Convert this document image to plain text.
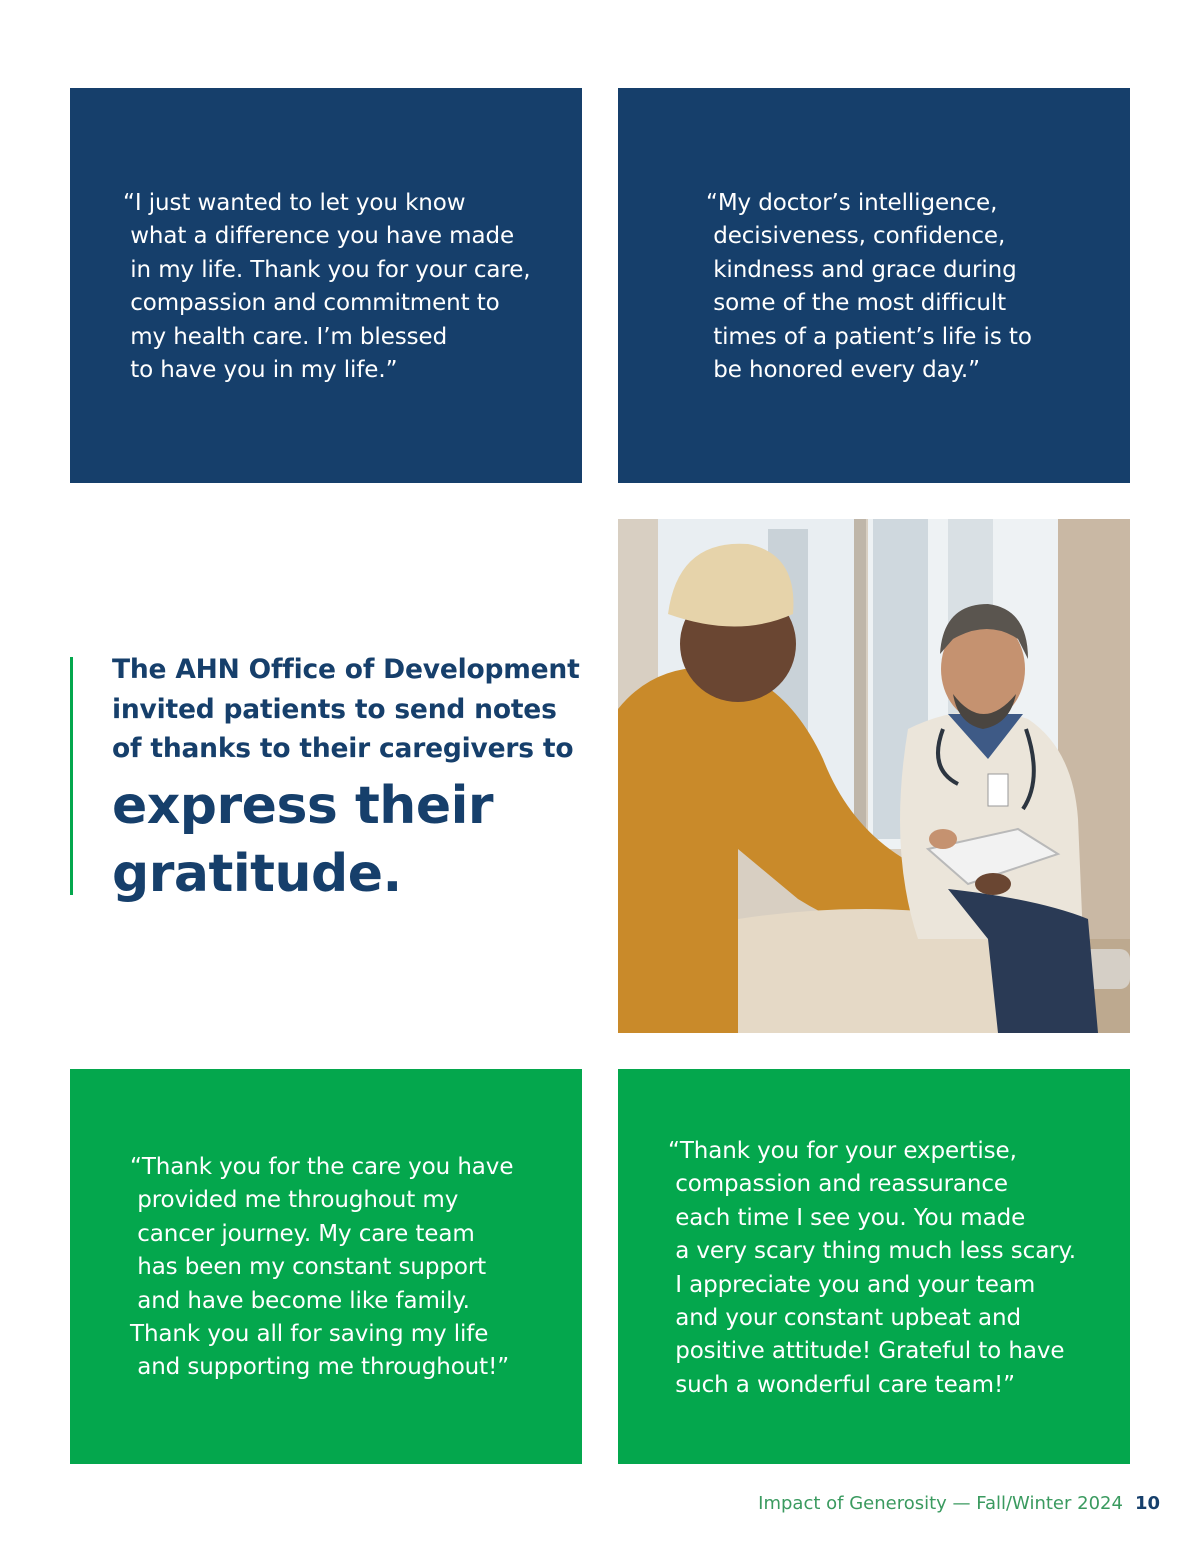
“I just wanted to let you know
what a difference you have made
in my life. Thank you for your care,
compassion and commitment to
my health care. I’m blessed
to have you in my life.”
“My doctor’s intelligence,
decisiveness, confidence,
kindness and grace during
some of the most difficult
times of a patient’s life is to
be honored every day.”
The AHN Office of Development
invited patients to send notes
of thanks to their caregivers to
express their
gratitude.
“Thank you for the care you have
provided me throughout my
cancer journey. My care team
has been my constant support
and have become like family.
Thank you all for saving my life
and supporting me throughout!”
“Thank you for your expertise,
compassion and reassurance
each time I see you. You made
a very scary thing much less scary.
I appreciate you and your team
and your constant upbeat and
positive attitude! Grateful to have
such a wonderful care team!”
Impact of Generosity — Fall/Winter 2024 10
